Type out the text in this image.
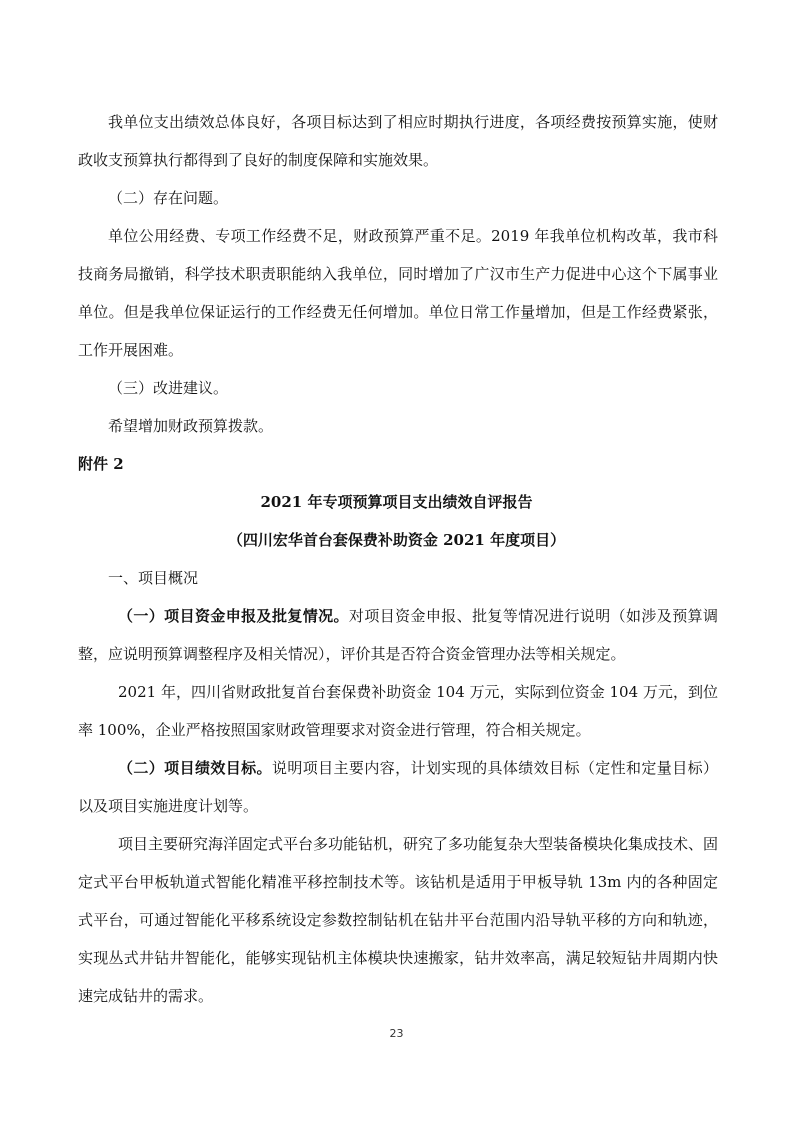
我单位支出绩效总体良好，各项目标达到了相应时期执行进度，各项经费按预算实施，使财政收支预算执行都得到了良好的制度保障和实施效果。

（二）存在问题。

单位公用经费、专项工作经费不足，财政预算严重不足。2019 年我单位机构改革，我市科技商务局撤销，科学技术职责职能纳入我单位，同时增加了广汉市生产力促进中心这个下属事业单位。但是我单位保证运行的工作经费无任何增加。单位日常工作量增加，但是工作经费紧张，工作开展困难。

（三）改进建议。

希望增加财政预算拨款。

附件 2

2021 年专项预算项目支出绩效自评报告

（四川宏华首台套保费补助资金 2021 年度项目）

一、项目概况

（一）项目资金申报及批复情况。对项目资金申报、批复等情况进行说明（如涉及预算调整，应说明预算调整程序及相关情况），评价其是否符合资金管理办法等相关规定。

2021 年，四川省财政批复首台套保费补助资金 104 万元，实际到位资金 104 万元，到位率 100%，企业严格按照国家财政管理要求对资金进行管理，符合相关规定。

（二）项目绩效目标。说明项目主要内容，计划实现的具体绩效目标（定性和定量目标）以及项目实施进度计划等。

项目主要研究海洋固定式平台多功能钻机，研究了多功能复杂大型装备模块化集成技术、固定式平台甲板轨道式智能化精准平移控制技术等。该钻机是适用于甲板导轨 13m 内的各种固定式平台，可通过智能化平移系统设定参数控制钻机在钻井平台范围内沿导轨平移的方向和轨迹，实现丛式井钻井智能化，能够实现钻机主体模块快速搬家，钻井效率高，满足较短钻井周期内快速完成钻井的需求。

23
